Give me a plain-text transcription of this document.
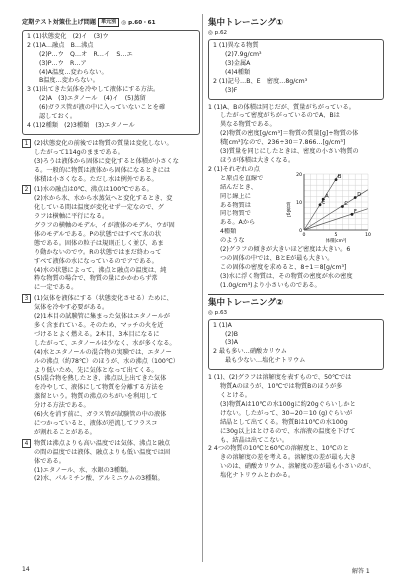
定期テスト対策仕上げ問題 単元別 ◎ p.60・61
1 (1)状態変化　(2)イ　(3)ウ
2 (1)A…融点　B…沸点
(2)P…ウ　Q…オ　R…イ　S…エ
(3)P…ウ　R…ア
(4)A温度…変わらない。
B温度…変わらない。
3 (1)出てきた気体を冷やして液体にする方法。
(2)A　(3)エタノール　(4)イ　(5)蒸留
(6)ガラス管が液の中に入っていないことを確
認しておく。
4 (1)2種類　(2)3種類　(3)エタノール
1 (2)状態変化の前後では物質の質量は変化しない。
したがって114gのままである。
(3)ろうは液体から固体に変化すると体積が小さくな
る。一般的に物質は液体から固体になるときには
体積は小さくなる。ただし水は例外である。
2 (1)水の融点は0℃、沸点は100℃である。
(2)水から氷、水から水蒸気へと変化するとき、変
化している間は温度が変化せず一定なので、グ
ラフは横軸に平行になる。
グラフの横軸のモデル、イが液体のモデル、ウが固
体のモデルである。Pの状態ではすべて氷の状
態である。固体の粒子は規則正しく並び、あま
り動かないのでウ。Rの状態ではまだ終わって
すべて液体の水になっているのでアである。
(4)水の状態によって、沸点と融点の温度は、純
粋な物質の場合で、物質の量にかかわらず常
に一定である。
3 (1)気体を液体にする（状態変化させる）ために、
気体を冷やす必要がある。
(2)1本目の試験管に集まった気体はエタノールが
多く含まれている。そのため、マッチの火を近
づけるとよく燃える。2本目、3本目になるに
したがって、エタノールは少なく、水が多くなる。
(4)水とエタノールの混合物の実験では、エタノー
ルの沸点（約78℃）のほうが、水の沸点（100℃）
より低いため、先に気体となって出てくる。
(5)混合物を熱したとき、沸点以上出てきた気体
を冷やして、液体にして物質を分離する方法を
蒸留という。物質の沸点のちがいを利用して
分ける方法である。
(6)火を消す前に、ガラス管が試験管の中の液体
につかっていると、液体が逆流してフラスコ
が割れることがある。
4 物質は沸点よりも高い温度では気体、沸点と融点
の間の温度では液体、融点よりも低い温度では固
体である。
(1)エタノール、水、水銀の3種類。
(2)水、パルミチン酸、アルミニウムの3種類。
集中トレーニング①
◎ p.62
1 (1)異なる物質
(2)7.9g/cm³
(3)金属A
(4)4種類
2 (1)記号…B、E　密度…8g/cm³
(3)F
1 (1)A、Bの体積は同じだが、質量がちがっている。
したがって密度がちがっているのでA、Bは
異なる物質である。
(2)物質の密度[g/cm³]＝物質の質量[g]÷物質の体
積[cm³]なので、236÷30＝7.866…[g/cm³]
(3)質量を同じにしたときは、密度の小さい物質の
ほうが体積は大きくなる。
2 (1)それぞれの点
と原点を直線で
結んだとき、
同じ線上に
ある物質は
同じ物質で
ある。Aから
4種類
のような
(2)グラフの傾きが大きいほど密度は大きい。6
つの固体の中では、BとEが最も大きい。
この固体の密度を求めると、8÷1＝8[g/cm³]
(3)水に浮く物質は、その物質の密度が水の密度
(1.0g/cm³)より小さいものである。
A
B
C
D
E
F
20
10
0
0	5	10
質量[g]
体積[cm³]
集中トレーニング②
◎ p.63
1 (1)A
(2)B
(3)A
2 最も多い…硝酸カリウム
最も少ない…塩化ナトリウム
1 (1)、(2)グラフは溶解度を表すもので、50℃では
物質Aのほうが、10℃では物質Bのほうが多
くとける。
(3)物質Aは10℃の水100gに約20gぐらいしかと
けない。したがって、30−20＝10 (g)ぐらいが
結晶として出てくる。物質Bは10℃の水100g
に30g以上はとけるので、水溶液の温度を下げて
も、結晶は出てこない。
2 4つの物質の10℃と60℃の溶解度と、10℃のと
きの溶解度の差を考える。溶解度の差が最も大き
いのは、硝酸カリウム、溶解度の差が最も小さいのが、
塩化ナトリウムとわかる。
14	解答 1
